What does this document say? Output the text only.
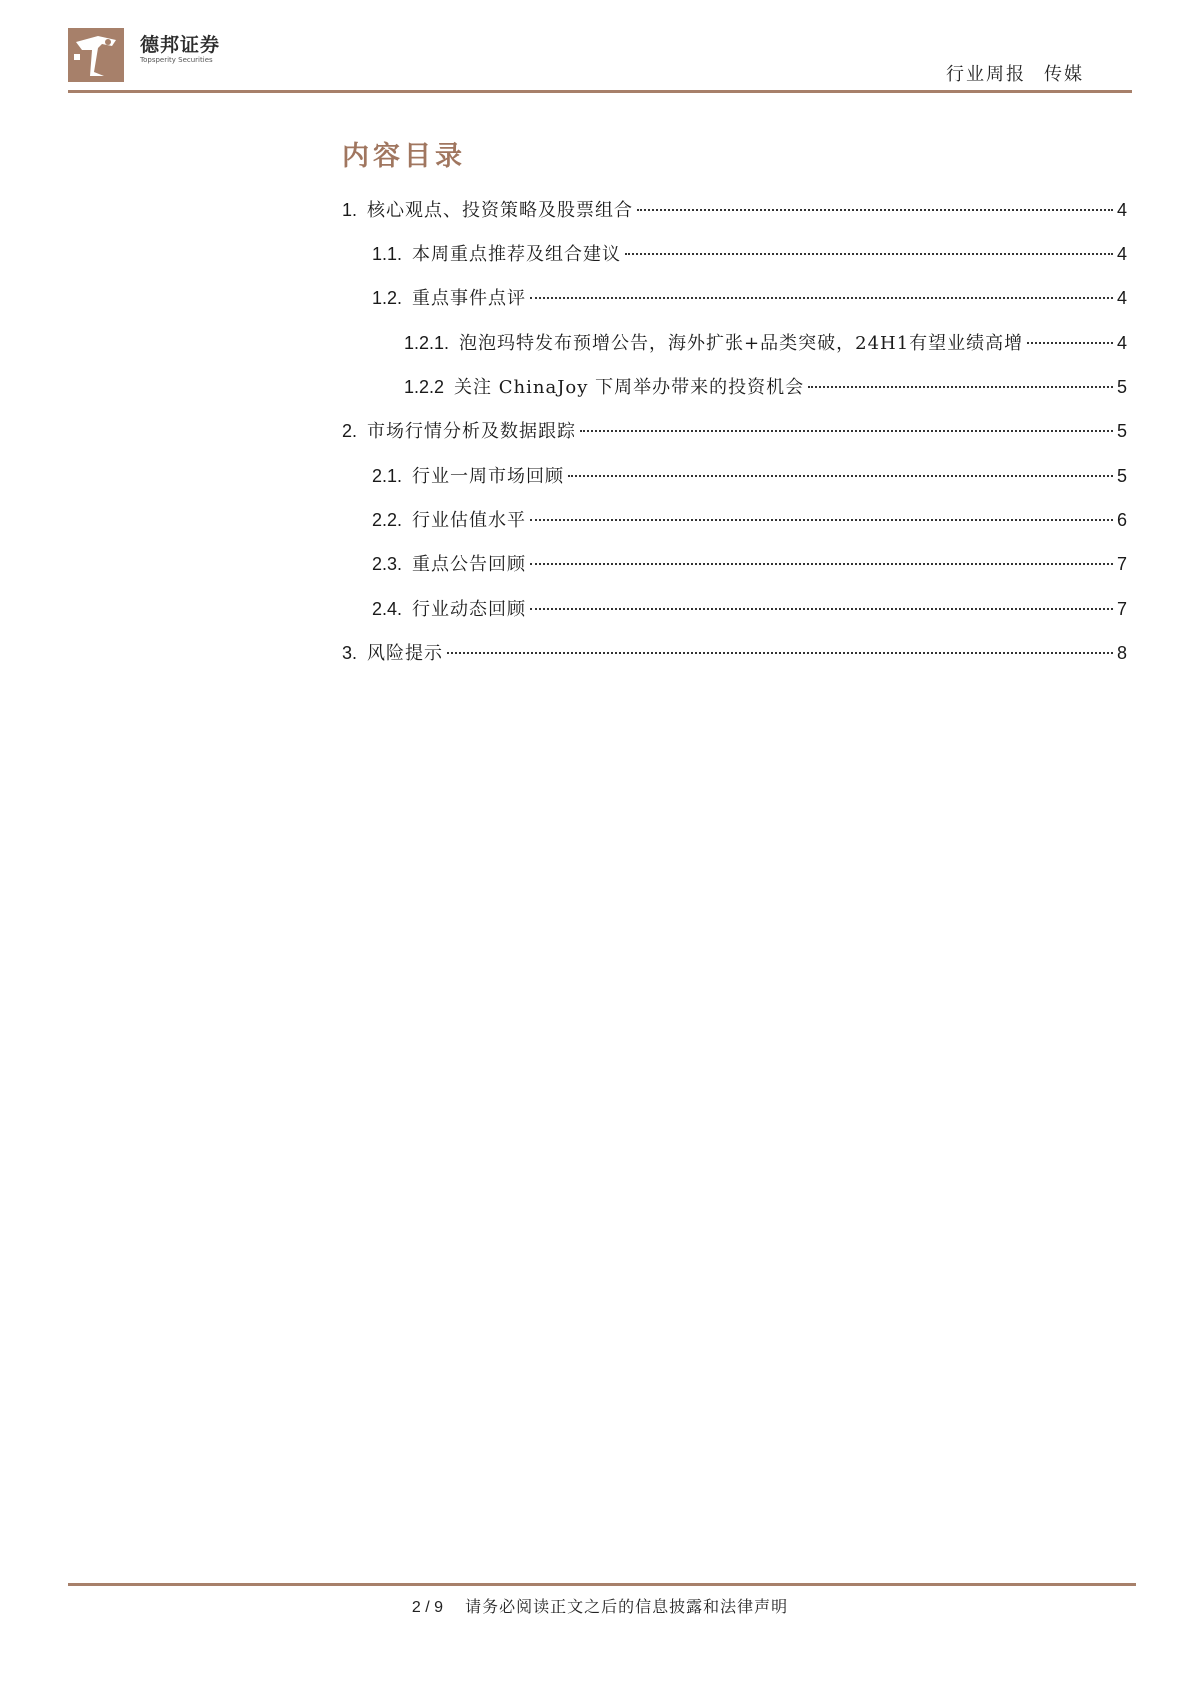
德邦证券
Topsperity Securities
行业周报 传媒
内容目录
1. 核心观点、投资策略及股票组合	4
1.1. 本周重点推荐及组合建议	4
1.2. 重点事件点评	4
1.2.1. 泡泡玛特发布预增公告，海外扩张+品类突破，24H1有望业绩高增	4
1.2.2 关注 ChinaJoy 下周举办带来的投资机会	5
2. 市场行情分析及数据跟踪	5
2.1. 行业一周市场回顾	5
2.2. 行业估值水平	6
2.3. 重点公告回顾	7
2.4. 行业动态回顾	7
3. 风险提示	8
2 / 9 请务必阅读正文之后的信息披露和法律声明
